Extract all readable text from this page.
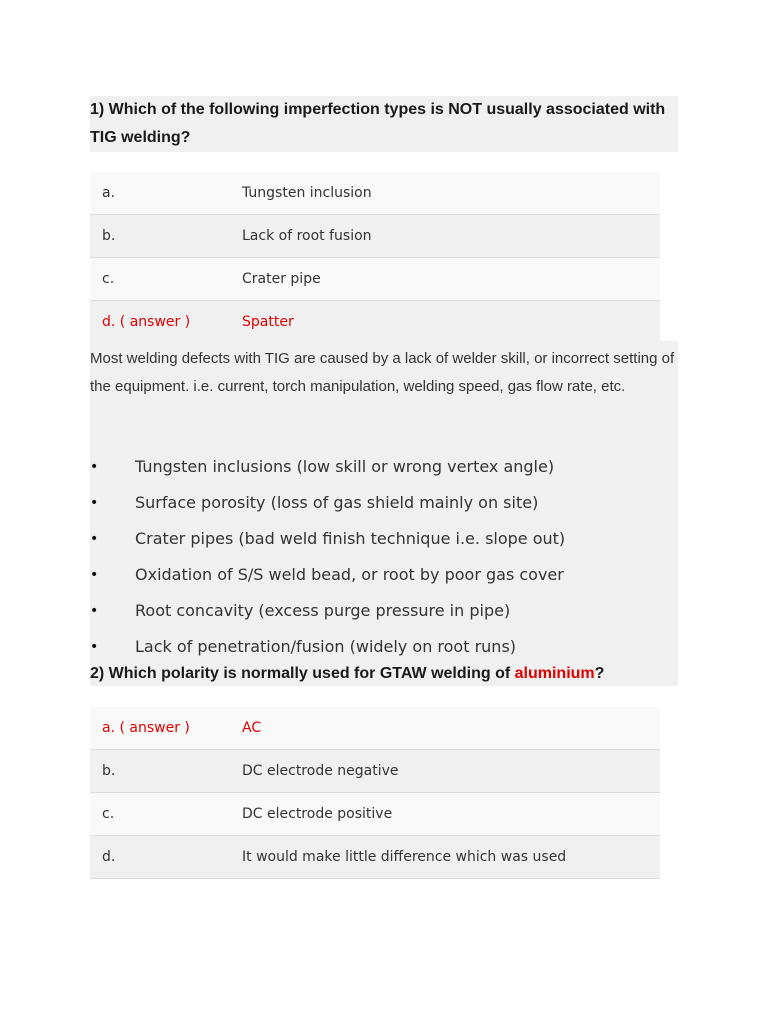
1) Which of the following imperfection types is NOT usually associated with TIG welding?
a.	Tungsten inclusion
b.	Lack of root fusion
c.	Crater pipe
d. ( answer )	Spatter

Most welding defects with TIG are caused by a lack of welder skill, or incorrect setting of the equipment. i.e. current, torch manipulation, welding speed, gas flow rate, etc.

• Tungsten inclusions (low skill or wrong vertex angle)
• Surface porosity (loss of gas shield mainly on site)
• Crater pipes (bad weld finish technique i.e. slope out)
• Oxidation of S/S weld bead, or root by poor gas cover
• Root concavity (excess purge pressure in pipe)
• Lack of penetration/fusion (widely on root runs)
2) Which polarity is normally used for GTAW welding of aluminium?
a. ( answer )	AC
b.	DC electrode negative
c.	DC electrode positive
d.	It would make little difference which was used
